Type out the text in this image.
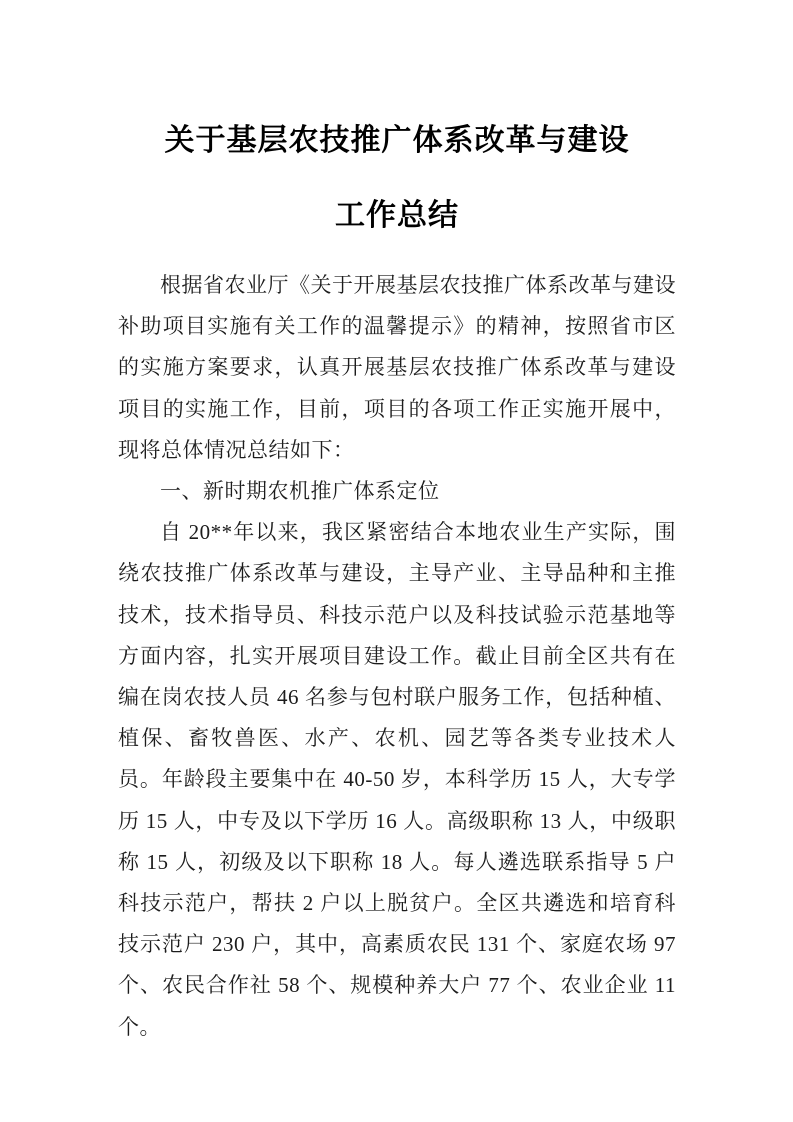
关于基层农技推广体系改革与建设
工作总结

根据省农业厅《关于开展基层农技推广体系改革与建设补助项目实施有关工作的温馨提示》的精神，按照省市区的实施方案要求，认真开展基层农技推广体系改革与建设项目的实施工作，目前，项目的各项工作正实施开展中，现将总体情况总结如下：

一、新时期农机推广体系定位

自 20**年以来，我区紧密结合本地农业生产实际，围绕农技推广体系改革与建设，主导产业、主导品种和主推技术，技术指导员、科技示范户以及科技试验示范基地等方面内容，扎实开展项目建设工作。截止目前全区共有在编在岗农技人员 46 名参与包村联户服务工作，包括种植、植保、畜牧兽医、水产、农机、园艺等各类专业技术人员。年龄段主要集中在 40-50 岁，本科学历 15 人，大专学历 15 人，中专及以下学历 16 人。高级职称 13 人，中级职称 15 人，初级及以下职称 18 人。每人遴选联系指导 5 户科技示范户，帮扶 2 户以上脱贫户。全区共遴选和培育科技示范户 230 户，其中，高素质农民 131 个、家庭农场 97 个、农民合作社 58 个、规模种养大户 77 个、农业企业 11 个。
